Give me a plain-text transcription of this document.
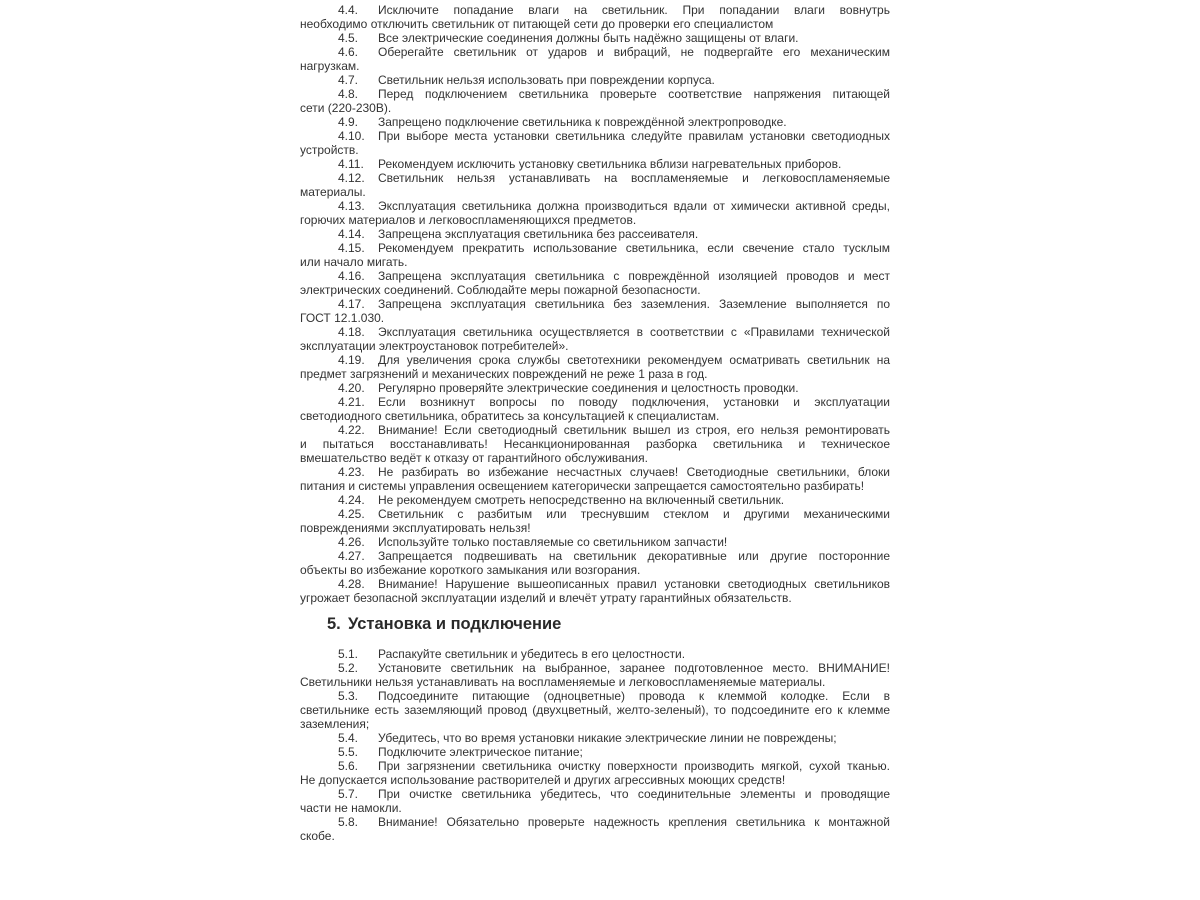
4.4. Исключите попадание влаги на светильник. При попадании влаги вовнутрь
необходимо отключить светильник от питающей сети до проверки его специалистом
4.5. Все электрические соединения должны быть надёжно защищены от влаги.
4.6. Оберегайте светильник от ударов и вибраций, не подвергайте его механическим
нагрузкам.
4.7. Светильник нельзя использовать при повреждении корпуса.
4.8. Перед подключением светильника проверьте соответствие напряжения питающей
сети (220-230В).
4.9. Запрещено подключение светильника к повреждённой электропроводке.
4.10. При выборе места установки светильника следуйте правилам установки светодиодных
устройств.
4.11. Рекомендуем исключить установку светильника вблизи нагревательных приборов.
4.12. Светильник нельзя устанавливать на воспламеняемые и легковоспламеняемые
материалы.
4.13. Эксплуатация светильника должна производиться вдали от химически активной среды,
горючих материалов и легковоспламеняющихся предметов.
4.14. Запрещена эксплуатация светильника без рассеивателя.
4.15. Рекомендуем прекратить использование светильника, если свечение стало тусклым
или начало мигать.
4.16. Запрещена эксплуатация светильника с повреждённой изоляцией проводов и мест
электрических соединений. Соблюдайте меры пожарной безопасности.
4.17. Запрещена эксплуатация светильника без заземления. Заземление выполняется по
ГОСТ 12.1.030.
4.18. Эксплуатация светильника осуществляется в соответствии с «Правилами технической
эксплуатации электроустановок потребителей».
4.19. Для увеличения срока службы светотехники рекомендуем осматривать светильник на
предмет загрязнений и механических повреждений не реже 1 раза в год.
4.20. Регулярно проверяйте электрические соединения и целостность проводки.
4.21. Если возникнут вопросы по поводу подключения, установки и эксплуатации
светодиодного светильника, обратитесь за консультацией к специалистам.
4.22. Внимание! Если светодиодный светильник вышел из строя, его нельзя ремонтировать
и пытаться восстанавливать! Несанкционированная разборка светильника и техническое
вмешательство ведёт к отказу от гарантийного обслуживания.
4.23. Не разбирать во избежание несчастных случаев! Светодиодные светильники, блоки
питания и системы управления освещением категорически запрещается самостоятельно разбирать!
4.24. Не рекомендуем смотреть непосредственно на включенный светильник.
4.25. Светильник с разбитым или треснувшим стеклом и другими механическими
повреждениями эксплуатировать нельзя!
4.26. Используйте только поставляемые со светильником запчасти!
4.27. Запрещается подвешивать на светильник декоративные или другие посторонние
объекты во избежание короткого замыкания или возгорания.
4.28. Внимание! Нарушение вышеописанных правил установки светодиодных светильников
угрожает безопасной эксплуатации изделий и влечёт утрату гарантийных обязательств.
5. Установка и подключение
5.1. Распакуйте светильник и убедитесь в его целостности.
5.2. Установите светильник на выбранное, заранее подготовленное место. ВНИМАНИЕ!
Светильники нельзя устанавливать на воспламеняемые и легковоспламеняемые материалы.
5.3. Подсоедините питающие (одноцветные) провода к клеммой колодке. Если в
светильнике есть заземляющий провод (двухцветный, желто-зеленый), то подсоедините его к клемме
заземления;
5.4. Убедитесь, что во время установки никакие электрические линии не повреждены;
5.5. Подключите электрическое питание;
5.6. При загрязнении светильника очистку поверхности производить мягкой, сухой тканью.
Не допускается использование растворителей и других агрессивных моющих средств!
5.7. При очистке светильника убедитесь, что соединительные элементы и проводящие
части не намокли.
5.8. Внимание! Обязательно проверьте надежность крепления светильника к монтажной
скобе.
